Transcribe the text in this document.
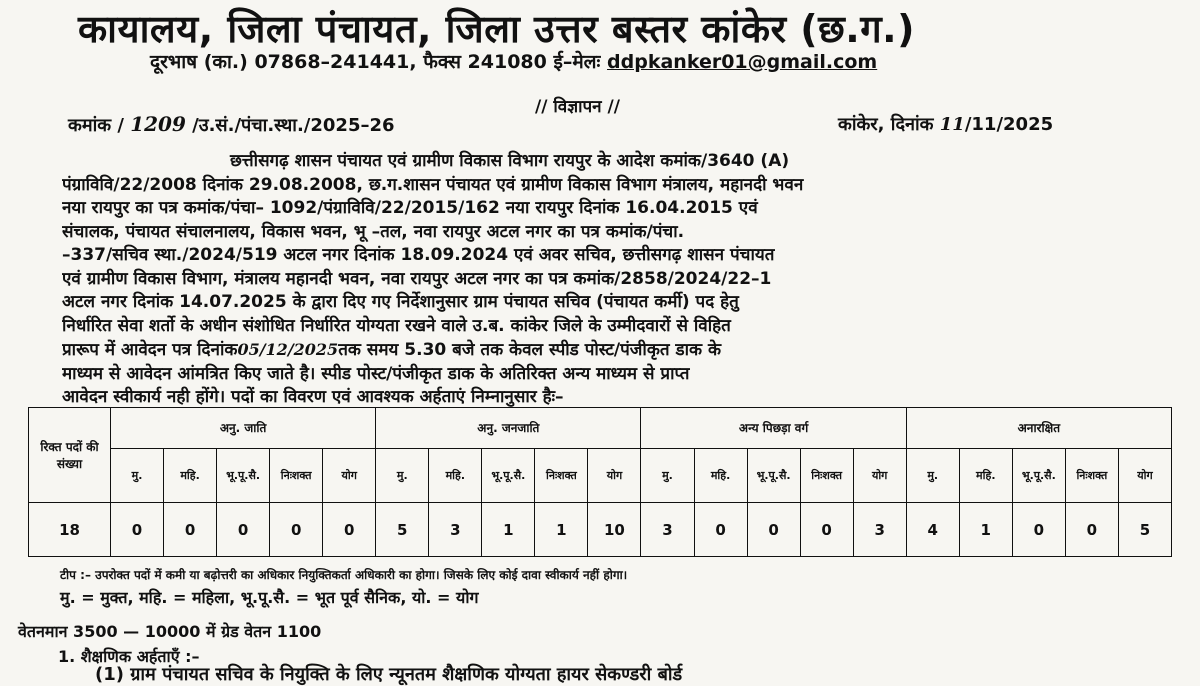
कायालय, जिला पंचायत, जिला उत्तर बस्तर कांकेर (छ.ग.)
दूरभाष (का.) 07868–241441, फैक्स 241080 ई–मेलः ddpkanker01@gmail.com
// विज्ञापन //
कमांक / 1209 /उ.सं./पंचा.स्था./2025–26	कांकेर, दिनांक 11/11/2025
छत्तीसगढ़ शासन पंचायत एवं ग्रामीण विकास विभाग रायपुर के आदेश कमांक/3640 (A)
पंग्राविवि/22/2008 दिनांक 29.08.2008, छ.ग.शासन पंचायत एवं ग्रामीण विकास विभाग मंत्रालय, महानदी भवन
नया रायपुर का पत्र कमांक/पंचा– 1092/पंग्राविवि/22/2015/162 नया रायपुर दिनांक 16.04.2015 एवं
संचालक, पंचायत संचालनालय, विकास भवन, भू –तल, नवा रायपुर अटल नगर का पत्र कमांक/पंचा.
–337/सचिव स्था./2024/519 अटल नगर दिनांक 18.09.2024 एवं अवर सचिव, छत्तीसगढ़ शासन पंचायत
एवं ग्रामीण विकास विभाग, मंत्रालय महानदी भवन, नवा रायपुर अटल नगर का पत्र कमांक/2858/2024/22–1
अटल नगर दिनांक 14.07.2025 के द्वारा दिए गए निर्देशानुसार ग्राम पंचायत सचिव (पंचायत कर्मी) पद हेतु
निर्धारित सेवा शर्तो के अधीन संशोधित निर्धारित योग्यता रखने वाले उ.ब. कांकेर जिले के उम्मीदवारों से विहित
प्रारूप में आवेदन पत्र दिनांक05/12/2025तक समय 5.30 बजे तक केवल स्पीड पोस्ट/पंजीकृत डाक के
माध्यम से आवेदन आंमत्रित किए जाते है। स्पीड पोस्ट/पंजीकृत डाक के अतिरिक्त अन्य माध्यम से प्राप्त
आवेदन स्वीकार्य नही होंगे। पदों का विवरण एवं आवश्यक अर्हताएं निम्नानुसार हैः–
रिक्त पदों की संख्या	अनु. जाति					अनु. जनजाति					अन्य पिछड़ा वर्ग					अनारक्षित				
	मु.	महि.	भू.पू.सै.	निःशक्त	योग	मु.	महि.	भू.पू.सै.	निःशक्त	योग	मु.	महि.	भू.पू.सै.	निःशक्त	योग	मु.	महि.	भू.पू.सै.	निःशक्त	योग
18	0	0	0	0	0	5	3	1	1	10	3	0	0	0	3	4	1	0	0	5
टीप :– उपरोक्त पदों में कमी या बढ़ोत्तरी का अधिकार नियुक्तिकर्ता अधिकारी का होगा। जिसके लिए कोई दावा स्वीकार्य नहीं होगा।
मु. = मुक्त, महि. = महिला, भू.पू.सै. = भूत पूर्व सैनिक, यो. = योग
वेतनमान 3500 — 10000 में ग्रेड वेतन 1100
1. शैक्षणिक अर्हताएँ :–
(1) ग्राम पंचायत सचिव के नियुक्ति के लिए न्यूनतम शैक्षणिक योग्यता हायर सेकण्डरी बोर्ड
